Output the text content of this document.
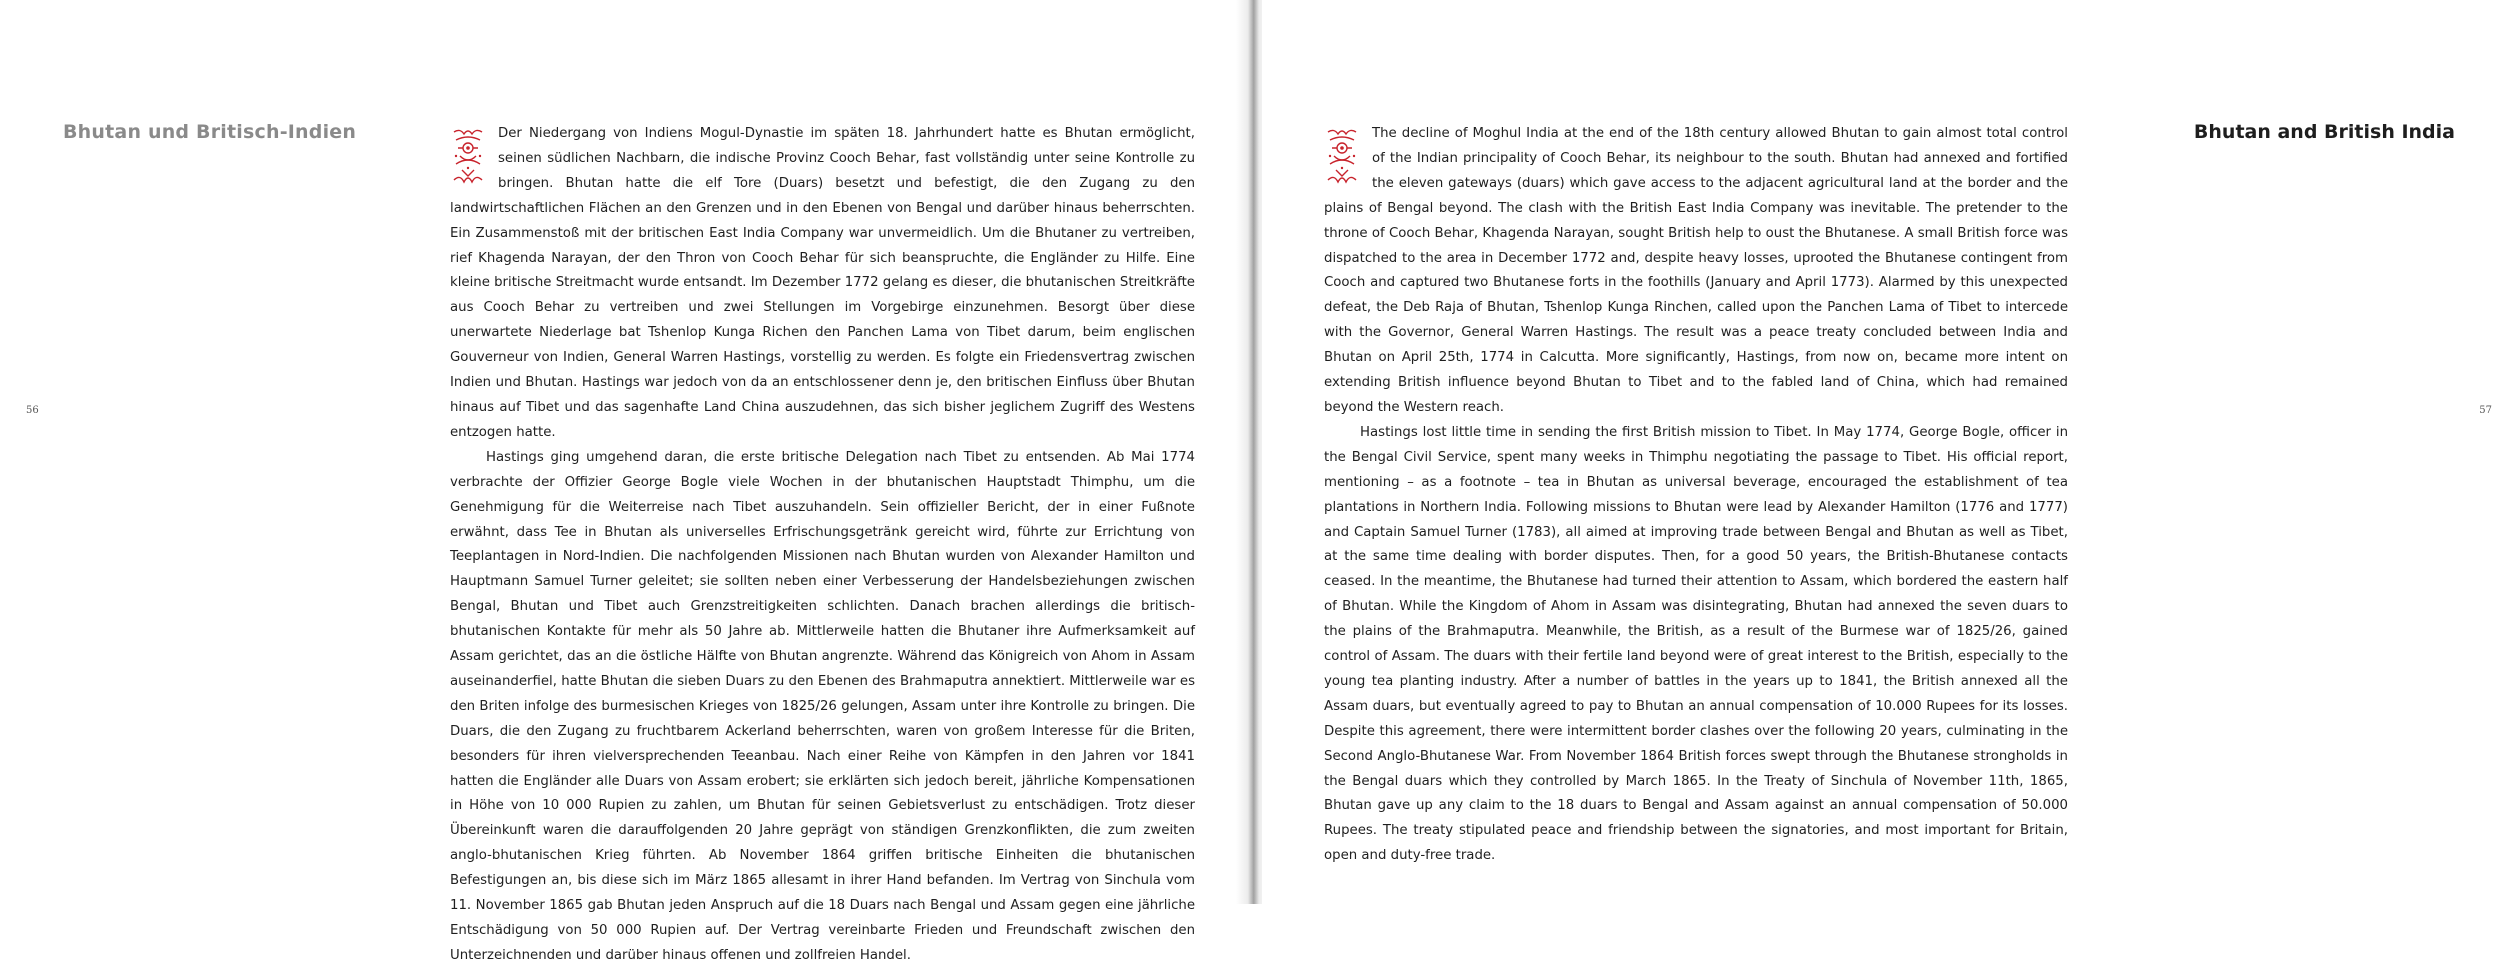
Bhutan und Britisch-Indien
56

Der Niedergang von Indiens Mogul-Dynastie im späten 18. Jahrhundert hatte es Bhutan ermöglicht, seinen südlichen Nachbarn, die indische Provinz Cooch Behar, fast vollständig unter seine Kontrolle zu bringen. Bhutan hatte die elf Tore (Duars) besetzt und befestigt, die den Zugang zu den landwirtschaftlichen Flächen an den Grenzen und in den Ebenen von Bengal und darüber hinaus beherrschten. Ein Zusammenstoß mit der britischen East India Company war unvermeidlich. Um die Bhutaner zu vertreiben, rief Khagenda Narayan, der den Thron von Cooch Behar für sich beanspruchte, die Engländer zu Hilfe. Eine kleine britische Streitmacht wurde entsandt. Im Dezember 1772 gelang es dieser, die bhutanischen Streitkräfte aus Cooch Behar zu vertreiben und zwei Stellungen im Vorgebirge einzunehmen. Besorgt über diese unerwartete Niederlage bat Tshenlop Kunga Richen den Panchen Lama von Tibet darum, beim englischen Gouverneur von Indien, General Warren Hastings, vorstellig zu werden. Es folgte ein Friedensvertrag zwischen Indien und Bhutan. Hastings war jedoch von da an entschlossener denn je, den britischen Einfluss über Bhutan hinaus auf Tibet und das sagenhafte Land China auszudehnen, das sich bisher jeglichem Zugriff des Westens entzogen hatte.

Hastings ging umgehend daran, die erste britische Delegation nach Tibet zu entsenden. Ab Mai 1774 verbrachte der Offizier George Bogle viele Wochen in der bhutanischen Hauptstadt Thimphu, um die Genehmigung für die Weiterreise nach Tibet auszuhandeln. Sein offizieller Bericht, der in einer Fußnote erwähnt, dass Tee in Bhutan als universelles Erfrischungsgetränk gereicht wird, führte zur Errichtung von Teeplantagen in Nord-Indien. Die nachfolgenden Missionen nach Bhutan wurden von Alexander Hamilton und Hauptmann Samuel Turner geleitet; sie sollten neben einer Verbesserung der Handelsbeziehungen zwischen Bengal, Bhutan und Tibet auch Grenzstreitigkeiten schlichten. Danach brachen allerdings die britisch-bhutanischen Kontakte für mehr als 50 Jahre ab. Mittlerweile hatten die Bhutaner ihre Aufmerksamkeit auf Assam gerichtet, das an die östliche Hälfte von Bhutan angrenzte. Während das Königreich von Ahom in Assam auseinanderfiel, hatte Bhutan die sieben Duars zu den Ebenen des Brahmaputra annektiert. Mittlerweile war es den Briten infolge des burmesischen Krieges von 1825/26 gelungen, Assam unter ihre Kontrolle zu bringen. Die Duars, die den Zugang zu fruchtbarem Ackerland beherrschten, waren von großem Interesse für die Briten, besonders für ihren vielversprechenden Teeanbau. Nach einer Reihe von Kämpfen in den Jahren vor 1841 hatten die Engländer alle Duars von Assam erobert; sie erklärten sich jedoch bereit, jährliche Kompensationen in Höhe von 10 000 Rupien zu zahlen, um Bhutan für seinen Gebietsverlust zu entschädigen. Trotz dieser Übereinkunft waren die darauffolgenden 20 Jahre geprägt von ständigen Grenzkonflikten, die zum zweiten anglo-bhutanischen Krieg führten. Ab November 1864 griffen britische Einheiten die bhutanischen Befestigungen an, bis diese sich im März 1865 allesamt in ihrer Hand befanden. Im Vertrag von Sinchula vom 11. November 1865 gab Bhutan jeden Anspruch auf die 18 Duars nach Bengal und Assam gegen eine jährliche Entschädigung von 50 000 Rupien auf. Der Vertrag vereinbarte Frieden und Freundschaft zwischen den Unterzeichnenden und darüber hinaus offenen und zollfreien Handel.

Bhutan and British India
57

The decline of Moghul India at the end of the 18th century allowed Bhutan to gain almost total control of the Indian principality of Cooch Behar, its neighbour to the south. Bhutan had annexed and fortified the eleven gateways (duars) which gave access to the adjacent agricultural land at the border and the plains of Bengal beyond. The clash with the British East India Company was inevitable. The pretender to the throne of Cooch Behar, Khagenda Narayan, sought British help to oust the Bhutanese. A small British force was dispatched to the area in December 1772 and, despite heavy losses, uprooted the Bhutanese contingent from Cooch and captured two Bhutanese forts in the foothills (January and April 1773). Alarmed by this unexpected defeat, the Deb Raja of Bhutan, Tshenlop Kunga Rinchen, called upon the Panchen Lama of Tibet to intercede with the Governor, General Warren Hastings. The result was a peace treaty concluded between India and Bhutan on April 25th, 1774 in Calcutta. More significantly, Hastings, from now on, became more intent on extending British influence beyond Bhutan to Tibet and to the fabled land of China, which had remained beyond the Western reach.

Hastings lost little time in sending the first British mission to Tibet. In May 1774, George Bogle, officer in the Bengal Civil Service, spent many weeks in Thimphu negotiating the passage to Tibet. His official report, mentioning – as a footnote – tea in Bhutan as universal beverage, encouraged the establishment of tea plantations in Northern India. Following missions to Bhutan were lead by Alexander Hamilton (1776 and 1777) and Captain Samuel Turner (1783), all aimed at improving trade between Bengal and Bhutan as well as Tibet, at the same time dealing with border disputes. Then, for a good 50 years, the British-Bhutanese contacts ceased. In the meantime, the Bhutanese had turned their attention to Assam, which bordered the eastern half of Bhutan. While the Kingdom of Ahom in Assam was disintegrating, Bhutan had annexed the seven duars to the plains of the Brahmaputra. Meanwhile, the British, as a result of the Burmese war of 1825/26, gained control of Assam. The duars with their fertile land beyond were of great interest to the British, especially to the young tea planting industry. After a number of battles in the years up to 1841, the British annexed all the Assam duars, but eventually agreed to pay to Bhutan an annual compensation of 10.000 Rupees for its losses. Despite this agreement, there were intermittent border clashes over the following 20 years, culminating in the Second Anglo-Bhutanese War. From November 1864 British forces swept through the Bhutanese strongholds in the Bengal duars which they controlled by March 1865. In the Treaty of Sinchula of November 11th, 1865, Bhutan gave up any claim to the 18 duars to Bengal and Assam against an annual compensation of 50.000 Rupees. The treaty stipulated peace and friendship between the signatories, and most important for Britain, open and duty-free trade.
